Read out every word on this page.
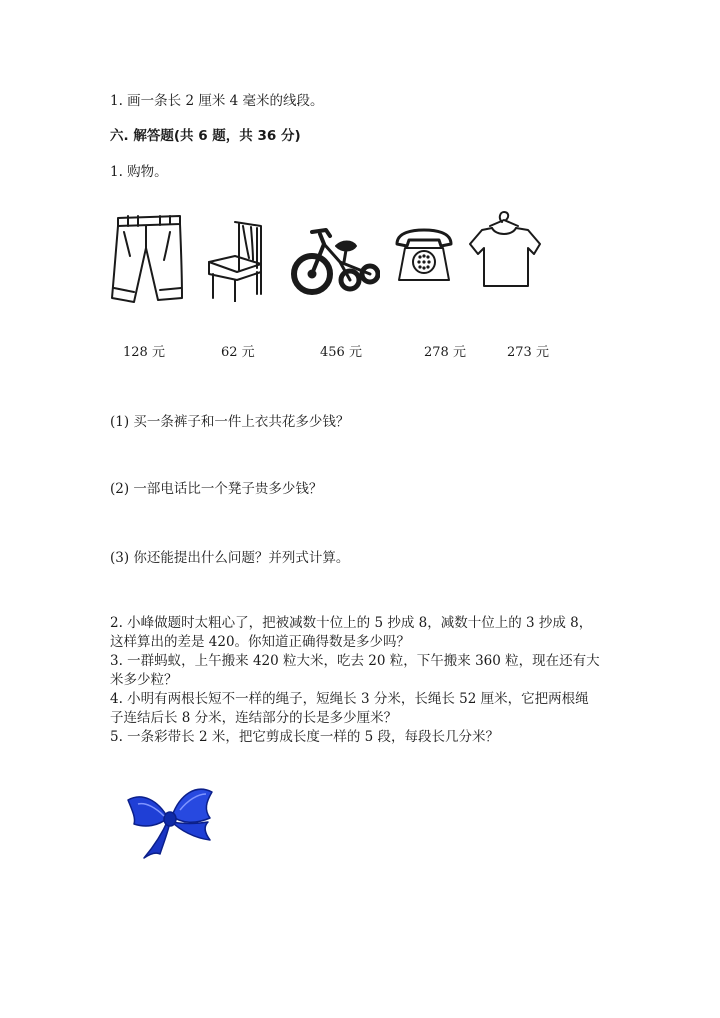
1. 画一条长 2 厘米 4 毫米的线段。
六. 解答题(共 6 题，共 36 分)
1. 购物。
128 元	62 元	456 元	278 元	273 元
(1) 买一条裤子和一件上衣共花多少钱？
(2) 一部电话比一个凳子贵多少钱？
(3) 你还能提出什么问题？并列式计算。
2. 小峰做题时太粗心了，把被减数十位上的 5 抄成 8，减数十位上的 3 抄成 8，
这样算出的差是 420。你知道正确得数是多少吗？
3. 一群蚂蚁，上午搬来 420 粒大米，吃去 20 粒，下午搬来 360 粒，现在还有大
米多少粒？
4. 小明有两根长短不一样的绳子，短绳长 3 分米，长绳长 52 厘米，它把两根绳
子连结后长 8 分米，连结部分的长是多少厘米？
5. 一条彩带长 2 米，把它剪成长度一样的 5 段，每段长几分米？
